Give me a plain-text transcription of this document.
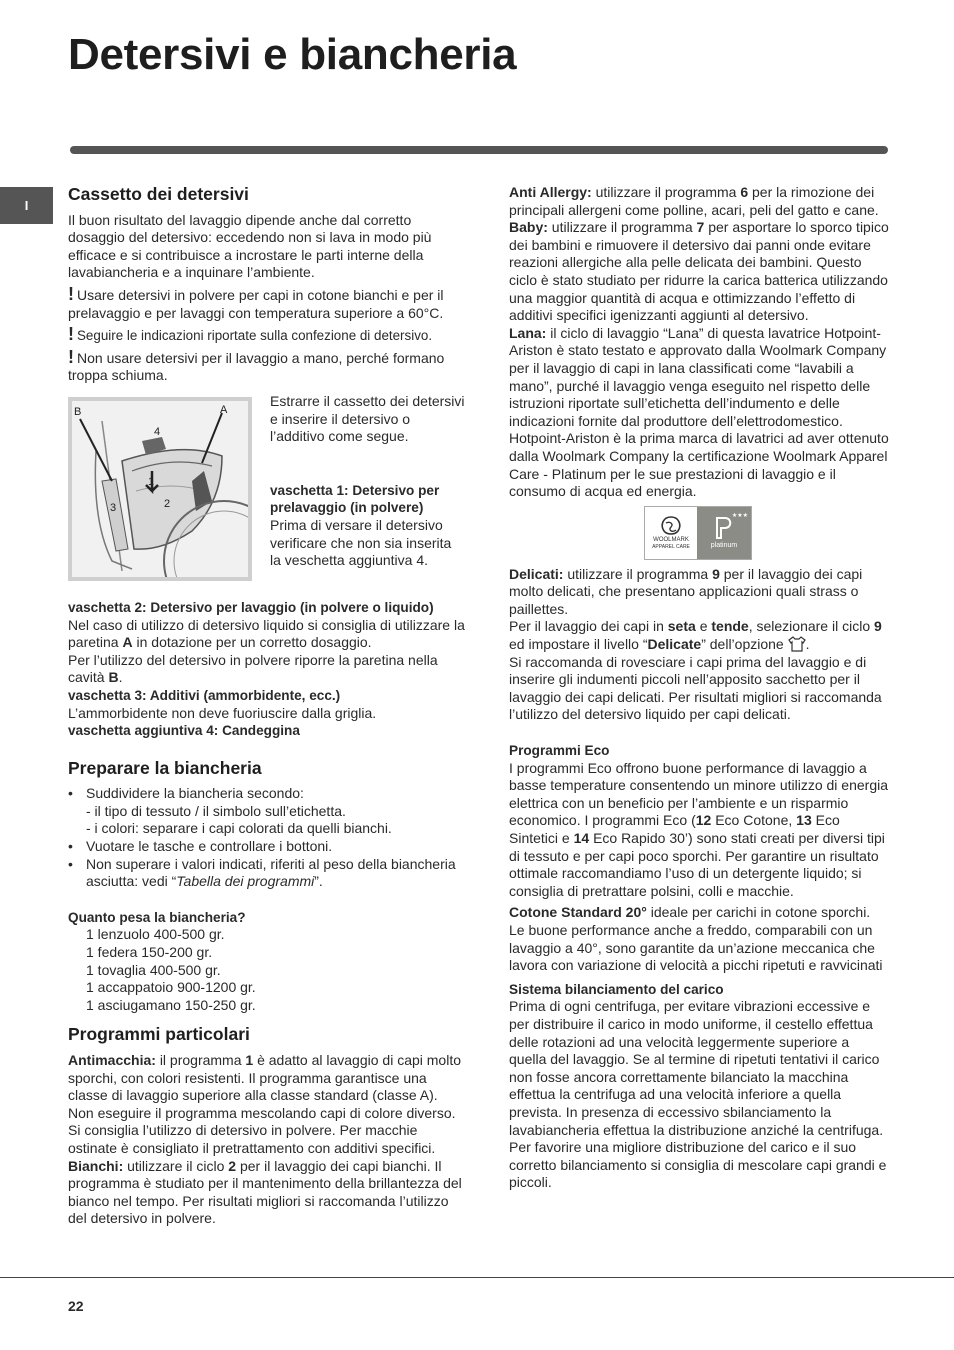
Detersivi e biancheria
I
Cassetto dei detersivi

Il buon risultato del lavaggio dipende anche dal corretto dosaggio del detersivo: eccedendo non si lava in modo più efficace e si contribuisce a incrostare le parti interne della lavabiancheria e a inquinare l’ambiente.

! Usare detersivi in polvere per capi in cotone bianchi e per il prelavaggio e per lavaggi con temperatura superiore a 60°C.

! Seguire le indicazioni riportate sulla confezione di detersivo.

! Non usare detersivi per il lavaggio a mano, perché formano troppa schiuma.

B	A
4
1
2
3

Estrarre il cassetto dei detersivi e inserire il detersivo o l’additivo come segue.

vaschetta 1: Detersivo per prelavaggio (in polvere)

Prima di versare il detersivo verificare che non sia inserita la veschetta aggiuntiva 4.

vaschetta 2: Detersivo per lavaggio (in polvere o liquido)

Nel caso di utilizzo di detersivo liquido si consiglia di utilizzare la paretina A in dotazione per un corretto dosaggio.

Per l’utilizzo del detersivo in polvere riporre la paretina nella cavità B.

vaschetta 3: Additivi (ammorbidente, ecc.)

L’ammorbidente non deve fuoriuscire dalla griglia.

vaschetta aggiuntiva 4: Candeggina

Preparare la biancheria
• Suddividere la biancheria secondo:
- il tipo di tessuto / il simbolo sull’etichetta.
- i colori: separare i capi colorati da quelli bianchi.
• Vuotare le tasche e controllare i bottoni.
• Non superare i valori indicati, riferiti al peso della biancheria asciutta: vedi “Tabella dei programmi”.

Quanto pesa la biancheria?

1 lenzuolo 400-500 gr.
1 federa 150-200 gr.
1 tovaglia 400-500 gr.
1 accappatoio 900-1200 gr.
1 asciugamano 150-250 gr.
Programmi particolari

Antimacchia: il programma 1 è adatto al lavaggio di capi molto sporchi, con colori resistenti. Il programma garantisce una classe di lavaggio superiore alla classe standard (classe A). Non eseguire il programma mescolando capi di colore diverso. Si consiglia l’utilizzo di detersivo in polvere. Per macchie ostinate è consigliato il pretrattamento con additivi specifici.

Bianchi: utilizzare il ciclo 2 per il lavaggio dei capi bianchi. Il programma è studiato per il mantenimento della brillantezza del bianco nel tempo. Per risultati migliori si raccomanda l’utilizzo del detersivo in polvere.

Anti Allergy: utilizzare il programma 6 per la rimozione dei principali allergeni come polline, acari, peli del gatto e cane.

Baby: utilizzare il programma 7 per asportare lo sporco tipico dei bambini e rimuovere il detersivo dai panni onde evitare reazioni allergiche alla pelle delicata dei bambini. Questo ciclo è stato studiato per ridurre la carica batterica utilizzando una maggior quantità di acqua e ottimizzando l’effetto di additivi specifici igenizzanti aggiunti al detersivo.

Lana: il ciclo di lavaggio “Lana” di questa lavatrice Hotpoint-Ariston è stato testato e approvato dalla Woolmark Company per il lavaggio di capi in lana classificati come “lavabili a mano”, purché il lavaggio venga eseguito nel rispetto delle istruzioni riportate sull’etichetta dell’indumento e delle indicazioni fornite dal produttore dell’elettrodomestico. Hotpoint-Ariston è la prima marca di lavatrici ad aver ottenuto dalla Woolmark Company la certificazione Woolmark Apparel Care - Platinum per le sue prestazioni di lavaggio e il consumo di acqua ed energia.

WOOLMARK
APPAREL CARE
★★★
platinum

Delicati: utilizzare il programma 9 per il lavaggio dei capi molto delicati, che presentano applicazioni quali strass o paillettes.

Per il lavaggio dei capi in seta e tende, selezionare il ciclo 9 ed impostare il livello “Delicate” dell’opzione .

Si raccomanda di rovesciare i capi prima del lavaggio e di inserire gli indumenti piccoli nell’apposito sacchetto per il lavaggio dei capi delicati. Per risultati migliori si raccomanda l’utilizzo del detersivo liquido per capi delicati.

Programmi Eco

I programmi Eco offrono buone performance di lavaggio a basse temperature consentendo un minore utilizzo di energia elettrica con un beneficio per l’ambiente e un risparmio economico. I programmi Eco (12 Eco Cotone, 13 Eco Sintetici e 14 Eco Rapido 30’) sono stati creati per diversi tipi di tessuto e per capi poco sporchi. Per garantire un risultato ottimale raccomandiamo l’uso di un detergente liquido; si consiglia di pretrattare polsini, colli e macchie.

Cotone Standard 20° ideale per carichi in cotone sporchi. Le buone performance anche a freddo, comparabili con un lavaggio a 40°, sono garantite da un’azione meccanica che lavora con variazione di velocità a picchi ripetuti e ravvicinati

Sistema bilanciamento del carico

Prima di ogni centrifuga, per evitare vibrazioni eccessive e per distribuire il carico in modo uniforme, il cestello effettua delle rotazioni ad una velocità leggermente superiore a quella del lavaggio. Se al termine di ripetuti tentativi il carico non fosse ancora correttamente bilanciato la macchina effettua la centrifuga ad una velocità inferiore a quella prevista. In presenza di eccessivo sbilanciamento la lavabiancheria effettua la distribuzione anziché la centrifuga. Per favorire una migliore distribuzione del carico e il suo corretto bilanciamento si consiglia di mescolare capi grandi e piccoli.

22
